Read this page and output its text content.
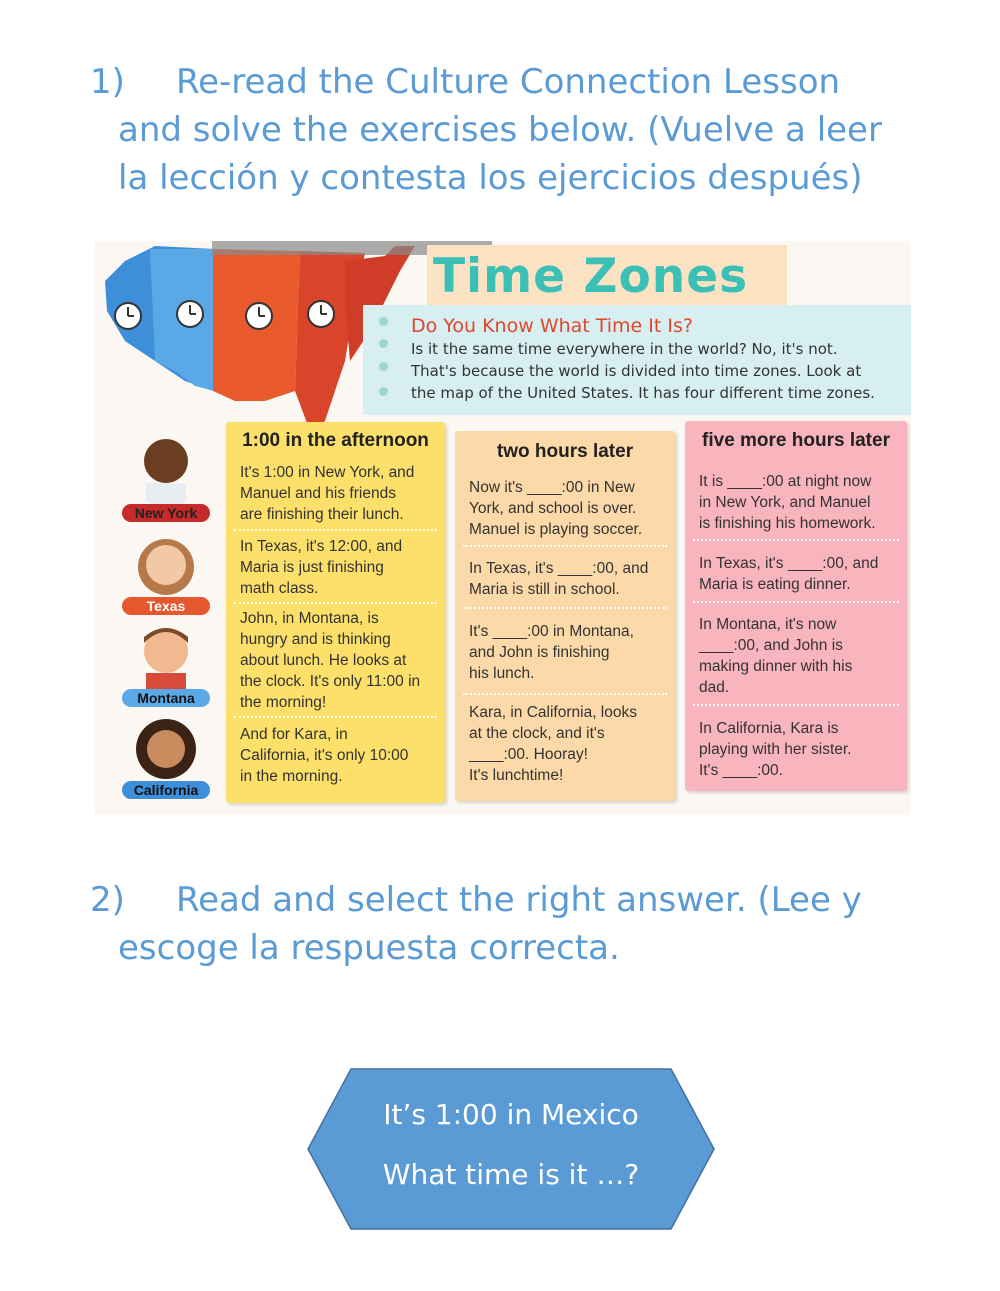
1) Re-read the Culture Connection Lesson
and solve the exercises below. (Vuelve a leer
la lección y contesta los ejercicios después)
Time Zones
Do You Know What Time It Is?
Is it the same time everywhere in the world? No, it's not.
That's because the world is divided into time zones. Look at
the map of the United States. It has four different time zones.
New York
Texas
Montana
California
1:00 in the afternoon
It's 1:00 in New York, and
Manuel and his friends
are finishing their lunch.
In Texas, it's 12:00, and
Maria is just finishing
math class.
John, in Montana, is
hungry and is thinking
about lunch. He looks at
the clock. It's only 11:00 in
the morning!
And for Kara, in
California, it's only 10:00
in the morning.
two hours later
Now it's ____:00 in New
York, and school is over.
Manuel is playing soccer.
In Texas, it's ____:00, and
Maria is still in school.
It's ____:00 in Montana,
and John is finishing
his lunch.
Kara, in California, looks
at the clock, and it's
____:00. Hooray!
It's lunchtime!
five more hours later
It is ____:00 at night now
in New York, and Manuel
is finishing his homework.
In Texas, it's ____:00, and
Maria is eating dinner.
In Montana, it's now
____:00, and John is
making dinner with his
dad.
In California, Kara is
playing with her sister.
It's ____:00.
2) Read and select the right answer. (Lee y
escoge la respuesta correcta.
It’s 1:00 in Mexico
What time is it …?
